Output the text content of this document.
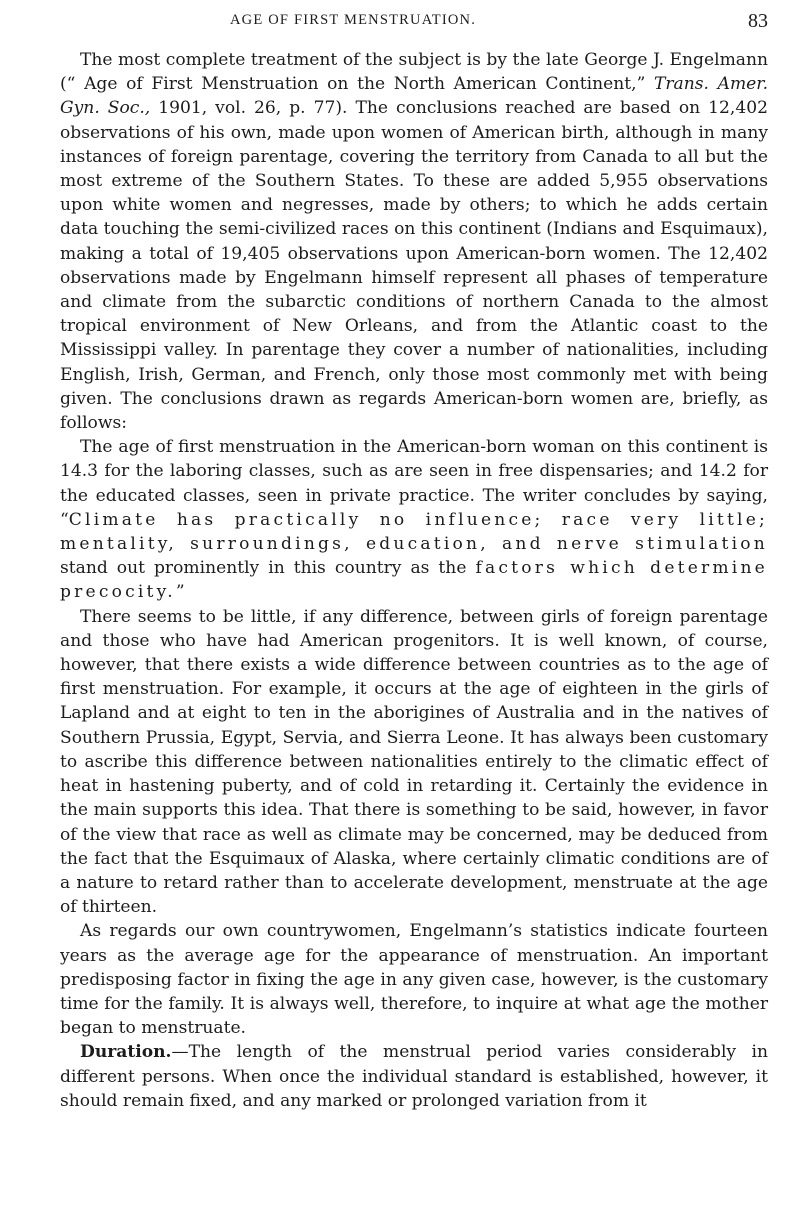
AGE OF FIRST MENSTRUATION.	83

The most complete treatment of the subject is by the late George J. Engelmann (“ Age of First Menstruation on the North American Continent,” Trans. Amer. Gyn. Soc., 1901, vol. 26, p. 77). The conclusions reached are based on 12,402 observations of his own, made upon women of American birth, although in many instances of foreign parentage, covering the territory from Canada to all but the most extreme of the Southern States. To these are added 5,955 observations upon white women and negresses, made by others; to which he adds certain data touching the semi-civilized races on this continent (Indians and Esquimaux), making a total of 19,405 observations upon American-born women. The 12,402 observations made by Engelmann himself represent all phases of temperature and climate from the subarctic conditions of northern Canada to the almost tropical environment of New Orleans, and from the Atlantic coast to the Mississippi valley. In parentage they cover a number of nationalities, including English, Irish, German, and French, only those most commonly met with being given. The conclusions drawn as regards American-born women are, briefly, as follows:

The age of first menstruation in the American-born woman on this continent is 14.3 for the laboring classes, such as are seen in free dispensaries; and 14.2 for the educated classes, seen in private practice. The writer concludes by saying, “Climate has practically no influence; race very little; mentality, surroundings, education, and nerve stimulation stand out prominently in this country as the factors which determine precocity.”

There seems to be little, if any difference, between girls of foreign parentage and those who have had American progenitors. It is well known, of course, however, that there exists a wide difference between countries as to the age of first menstruation. For example, it occurs at the age of eighteen in the girls of Lapland and at eight to ten in the aborigines of Australia and in the natives of Southern Prussia, Egypt, Servia, and Sierra Leone. It has always been customary to ascribe this difference between nationalities entirely to the climatic effect of heat in hastening puberty, and of cold in retarding it. Certainly the evidence in the main supports this idea. That there is something to be said, however, in favor of the view that race as well as climate may be concerned, may be deduced from the fact that the Esquimaux of Alaska, where certainly climatic conditions are of a nature to retard rather than to accelerate development, menstruate at the age of thirteen.

As regards our own countrywomen, Engelmann’s statistics indicate fourteen years as the average age for the appearance of menstruation. An important predisposing factor in fixing the age in any given case, however, is the customary time for the family. It is always well, therefore, to inquire at what age the mother began to menstruate.

Duration.—The length of the menstrual period varies considerably in different persons. When once the individual standard is established, however, it should remain fixed, and any marked or prolonged variation from it
